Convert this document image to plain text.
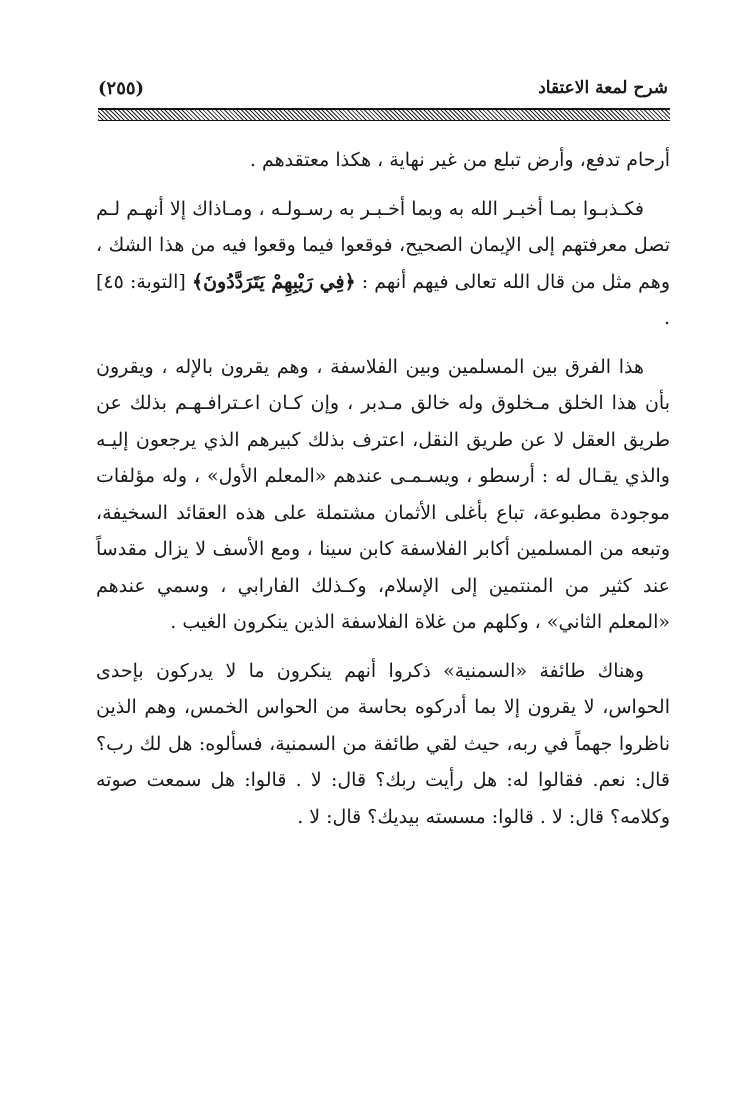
شرح لمعة الاعتقاد
(٢٥٥)

أرحام تدفع، وأرض تبلع من غير نهاية ، هكذا معتقدهم .

فكـذبـوا بمـا أخبـر الله به وبما أخـبـر به رسـولـه ، ومـاذاك إلا أنهـم لـم تصل معرفتهم إلى الإيمان الصحيح، فوقعوا فيما وقعوا فيه من هذا الشك ، وهم مثل من قال الله تعالى فيهم أنهم : ﴿فِي رَيْبِهِمْ يَتَرَدَّدُونَ﴾ [التوبة: ٤٥] .

هذا الفرق بين المسلمين وبين الفلاسفة ، وهم يقرون بالإله ، ويقرون بأن هذا الخلق مـخلوق وله خالق مـدبر ، وإن كـان اعـترافـهـم بذلك عن طريق العقل لا عن طريق النقل، اعترف بذلك كبيرهم الذي يرجعون إليـه والذي يقـال له : أرسطو ، ويسـمـى عندهم «المعلم الأول» ، وله مؤلفات موجودة مطبوعة، تباع بأغلى الأثمان مشتملة على هذه العقائد السخيفة، وتبعه من المسلمين أكابر الفلاسفة كابن سينا ، ومع الأسف لا يزال مقدساً عند كثير من المنتمين إلى الإسلام، وكـذلك الفارابي ، وسمي عندهم «المعلم الثاني» ، وكلهم من غلاة الفلاسفة الذين ينكرون الغيب .

وهناك طائفة «السمنية» ذكروا أنهم ينكرون ما لا يدركون بإحدى الحواس، لا يقرون إلا بما أدركوه بحاسة من الحواس الخمس، وهم الذين ناظروا جهماً في ربه، حيث لقي طائفة من السمنية، فسألوه: هل لك رب؟ قال: نعم. فقالوا له: هل رأيت ربك؟ قال: لا . قالوا: هل سمعت صوته وكلامه؟ قال: لا . قالوا: مسسته بيديك؟ قال: لا .
